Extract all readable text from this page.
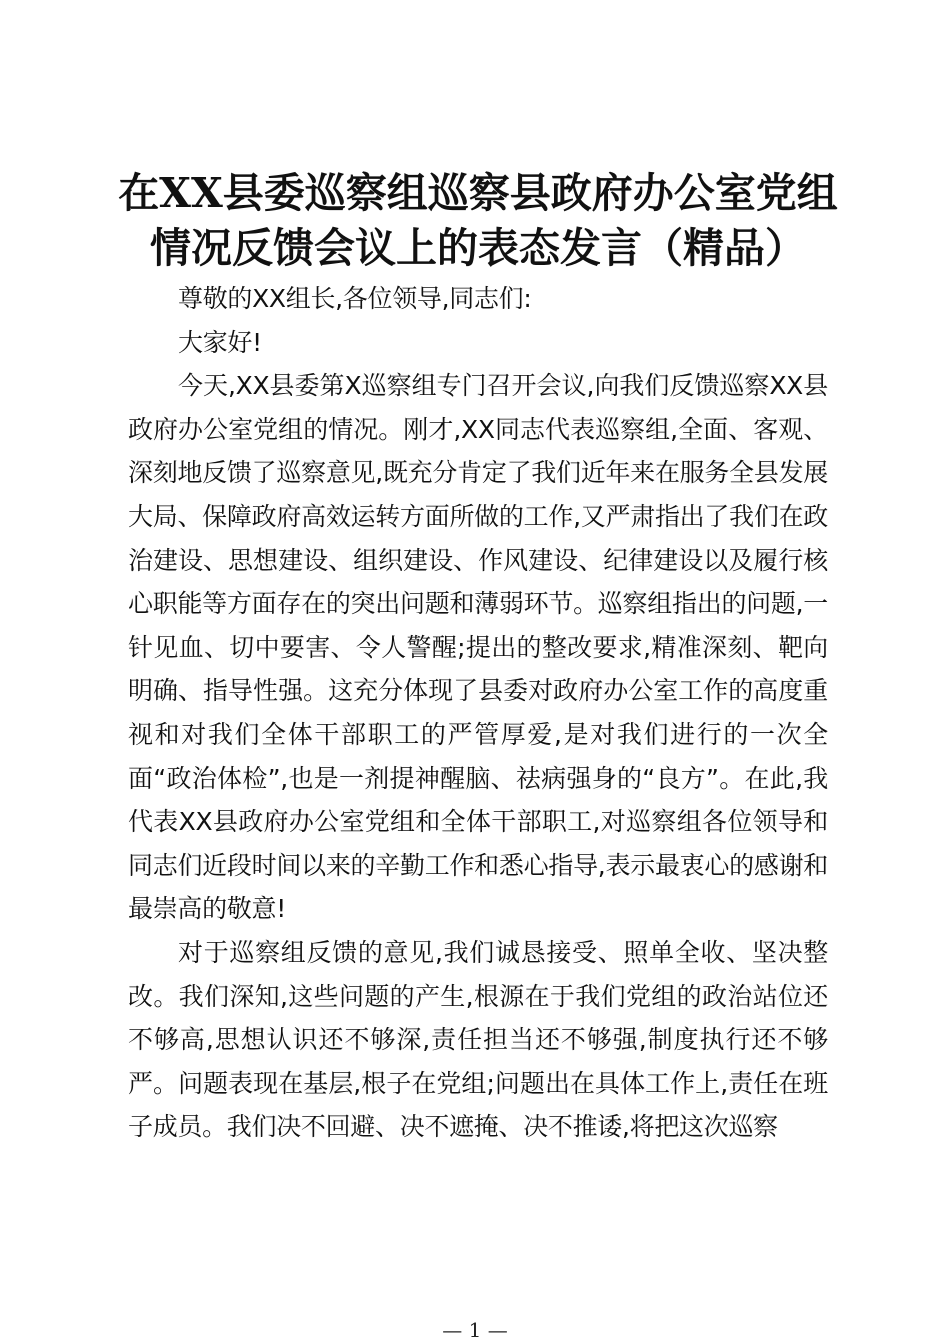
在XX县委巡察组巡察县政府办公室党组情况反馈会议上的表态发言（精品）

尊敬的XX组长,各位领导,同志们:

大家好!

今天,XX县委第X巡察组专门召开会议,向我们反馈巡察XX县政府办公室党组的情况。刚才,XX同志代表巡察组,全面、客观、深刻地反馈了巡察意见,既充分肯定了我们近年来在服务全县发展大局、保障政府高效运转方面所做的工作,又严肃指出了我们在政治建设、思想建设、组织建设、作风建设、纪律建设以及履行核心职能等方面存在的突出问题和薄弱环节。巡察组指出的问题,一针见血、切中要害、令人警醒;提出的整改要求,精准深刻、靶向明确、指导性强。这充分体现了县委对政府办公室工作的高度重视和对我们全体干部职工的严管厚爱,是对我们进行的一次全面“政治体检”,也是一剂提神醒脑、祛病强身的“良方”。在此,我代表XX县政府办公室党组和全体干部职工,对巡察组各位领导和同志们近段时间以来的辛勤工作和悉心指导,表示最衷心的感谢和最崇高的敬意!

对于巡察组反馈的意见,我们诚恳接受、照单全收、坚决整改。我们深知,这些问题的产生,根源在于我们党组的政治站位还不够高,思想认识还不够深,责任担当还不够强,制度执行还不够严。问题表现在基层,根子在党组;问题出在具体工作上,责任在班子成员。我们决不回避、决不遮掩、决不推诿,将把这次巡察

— 1 —
